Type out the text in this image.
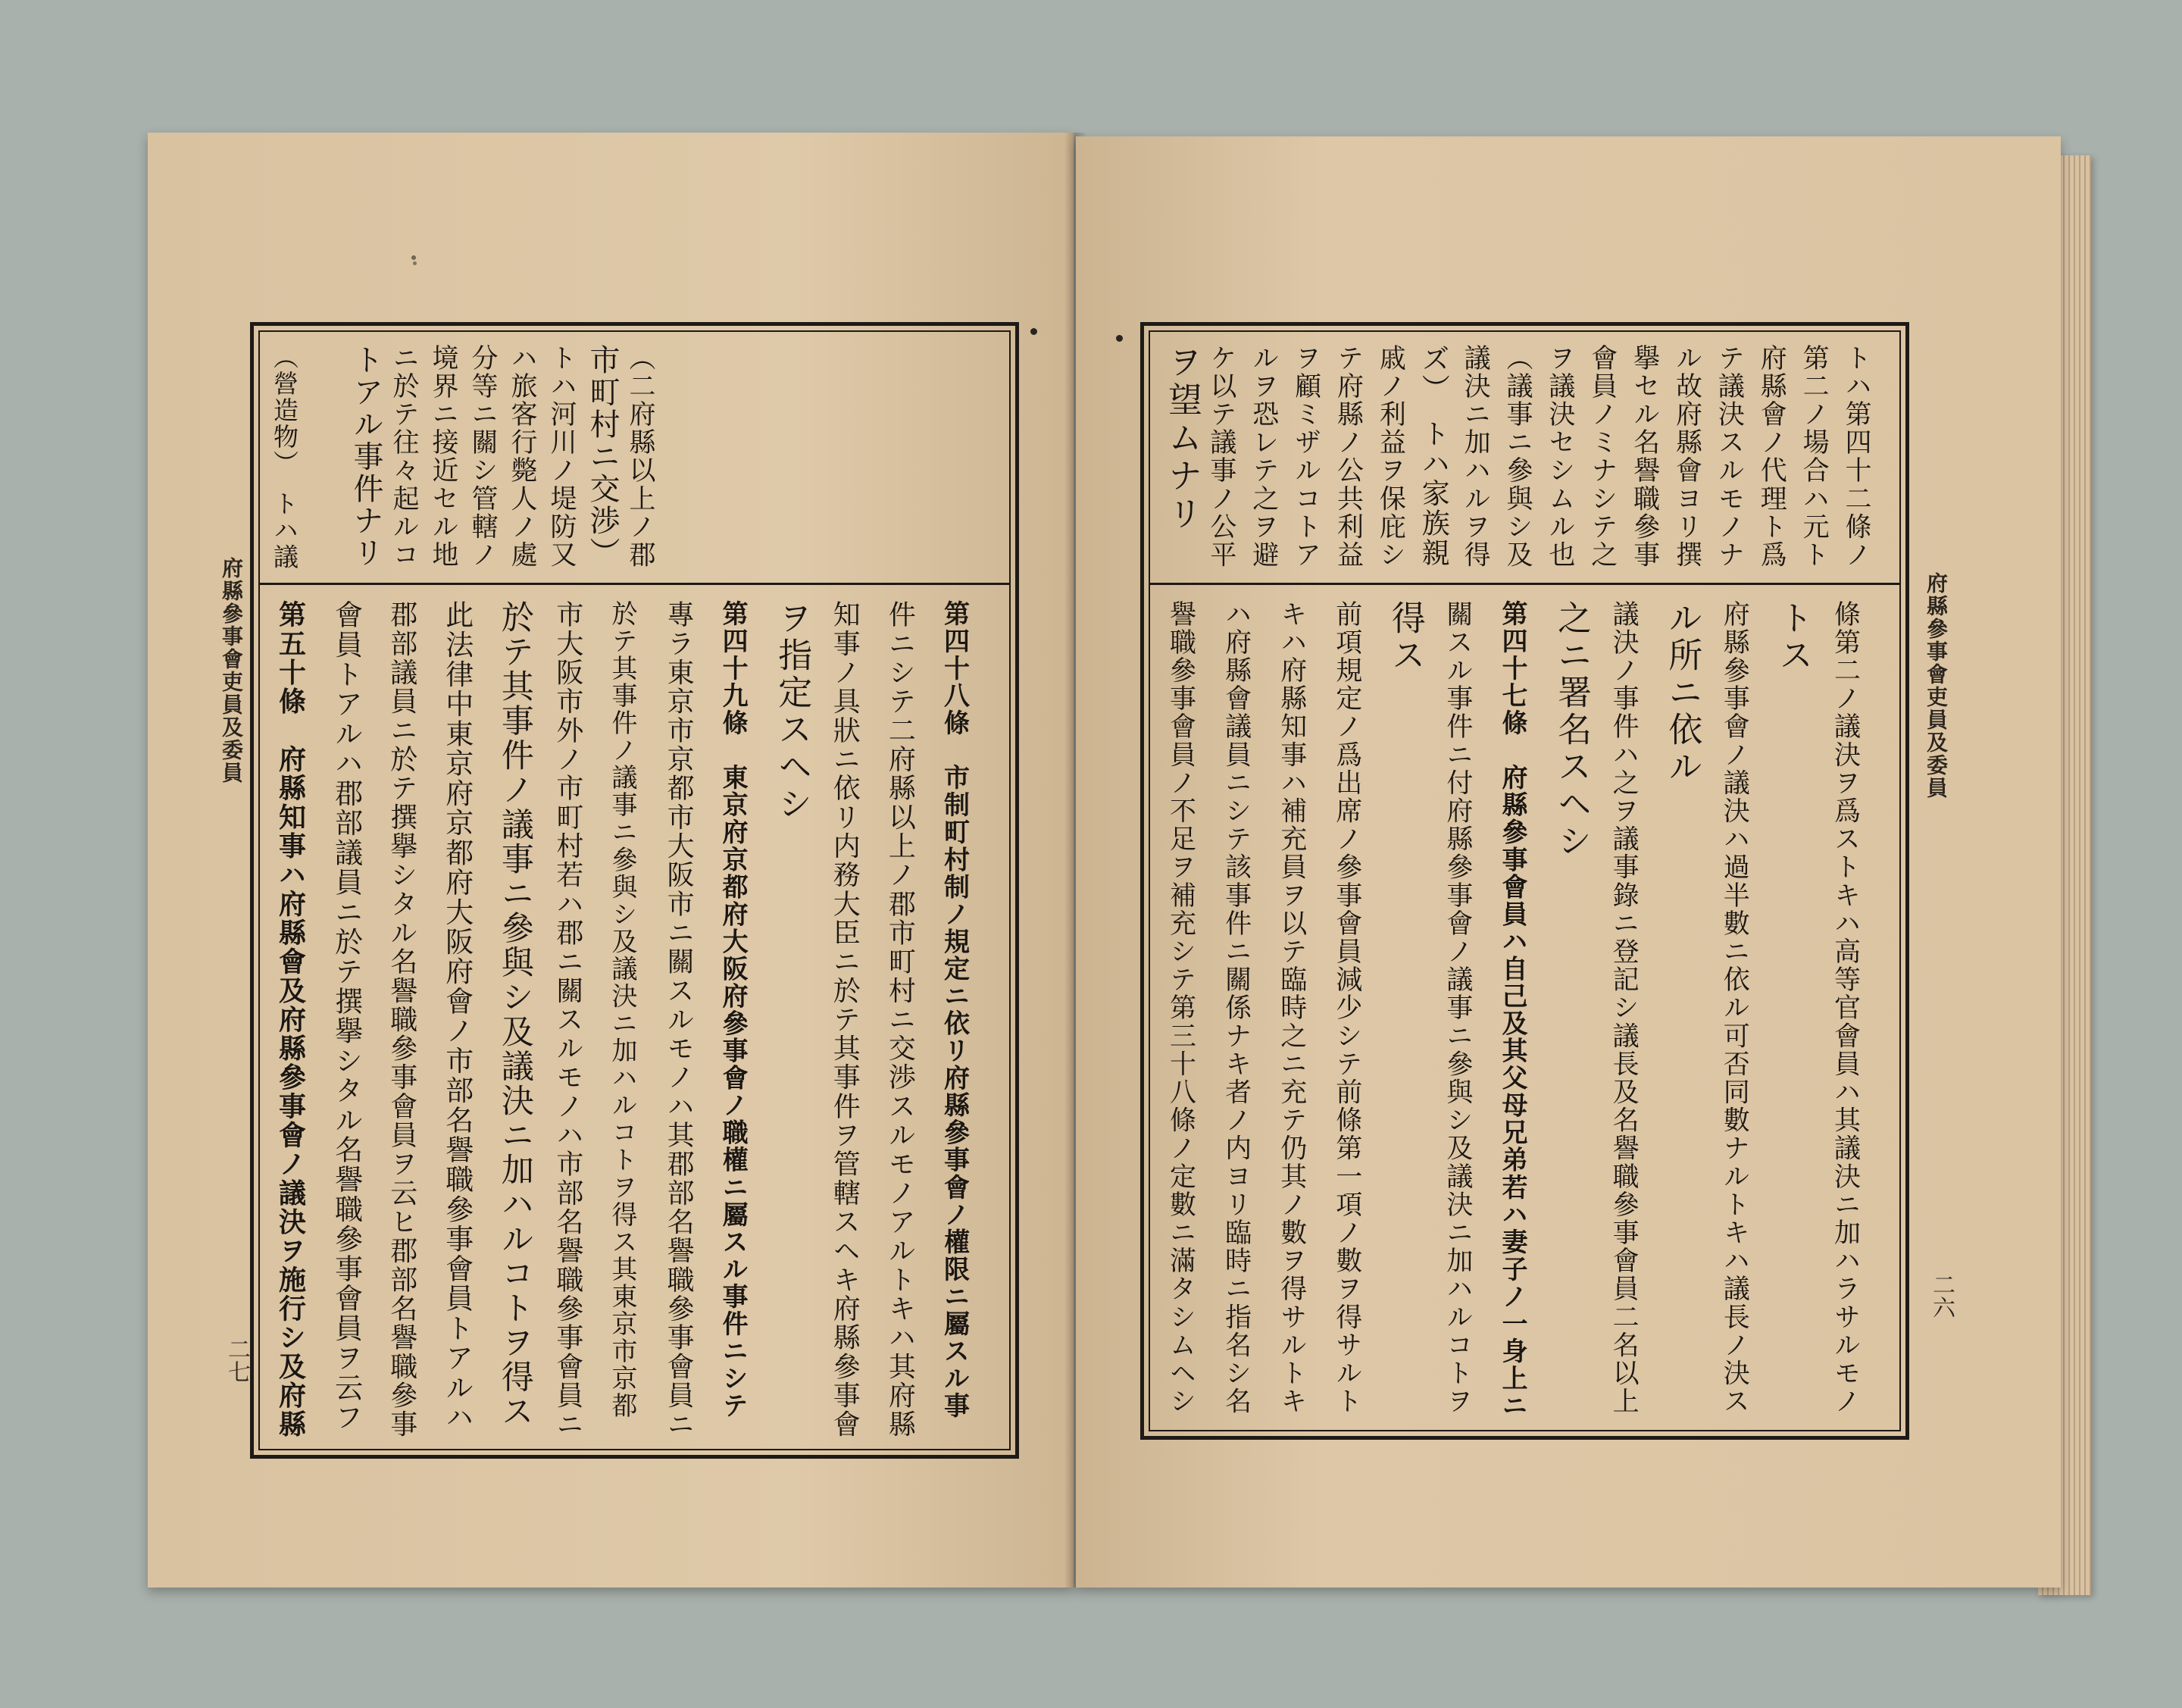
府縣參事會吏員及委員
二七
（二府縣以上ノ郡
市町村ニ交渉）
トハ河川ノ堤防又
ハ旅客行斃人ノ處
分等ニ關シ管轄ノ
境界ニ接近セル地
ニ於テ往々起ルコ
トアル事件ナリ
（營造物）　トハ議
第四十八條　市制町村制ノ規定ニ依リ府縣參事會ノ權限ニ屬スル事
件ニシテ二府縣以上ノ郡市町村ニ交渉スルモノアルトキハ其府縣
知事ノ具狀ニ依リ内務大臣ニ於テ其事件ヲ管轄スヘキ府縣參事會
ヲ指定スヘシ
第四十九條　東京府京都府大阪府參事會ノ職權ニ屬スル事件ニシテ
專ラ東京市京都市大阪市ニ關スルモノハ其郡部名譽職參事會員ニ
於テ其事件ノ議事ニ參與シ及議決ニ加ハルコトヲ得ス其東京市京都
市大阪市外ノ市町村若ハ郡ニ關スルモノハ市部名譽職參事會員ニ
於テ其事件ノ議事ニ參與シ及議決ニ加ハルコトヲ得ス
此法律中東京府京都府大阪府會ノ市部名譽職參事會員トアルハ
郡部議員ニ於テ撰擧シタル名譽職參事會員ヲ云ヒ郡部名譽職參事
會員トアルハ郡部議員ニ於テ撰擧シタル名譽職參事會員ヲ云フ
第五十條　府縣知事ハ府縣會及府縣參事會ノ議決ヲ施行シ及府縣	府縣參事會吏員及委員
二六
トハ第四十二條ノ
第二ノ場合ハ元ト
府縣會ノ代理ト爲
テ議決スルモノナ
ル故府縣會ヨリ撰
擧セル名譽職參事
會員ノミナシテ之
ヲ議決セシムル也
（議事ニ參與シ及
議決ニ加ハルヲ得
ズ）　トハ家族親
戚ノ利益ヲ保庇シ
テ府縣ノ公共利益
ヲ顧ミザルコトア
ルヲ恐レテ之ヲ避
ケ以テ議事ノ公平
ヲ望ムナリ
條第二ノ議決ヲ爲ストキハ高等官會員ハ其議決ニ加ハラサルモノ
トス
府縣參事會ノ議決ハ過半數ニ依ル可否同數ナルトキハ議長ノ決ス
ル所ニ依ル
議決ノ事件ハ之ヲ議事錄ニ登記シ議長及名譽職參事會員二名以上
之ニ署名スヘシ
第四十七條　府縣參事會員ハ自己及其父母兄弟若ハ妻子ノ一身上ニ
關スル事件ニ付府縣參事會ノ議事ニ參與シ及議決ニ加ハルコトヲ
得ス
前項規定ノ爲出席ノ參事會員減少シテ前條第一項ノ數ヲ得サルト
キハ府縣知事ハ補充員ヲ以テ臨時之ニ充テ仍其ノ數ヲ得サルトキ
ハ府縣會議員ニシテ該事件ニ關係ナキ者ノ内ヨリ臨時ニ指名シ名
譽職參事會員ノ不足ヲ補充シテ第三十八條ノ定數ニ滿タシムヘシ
